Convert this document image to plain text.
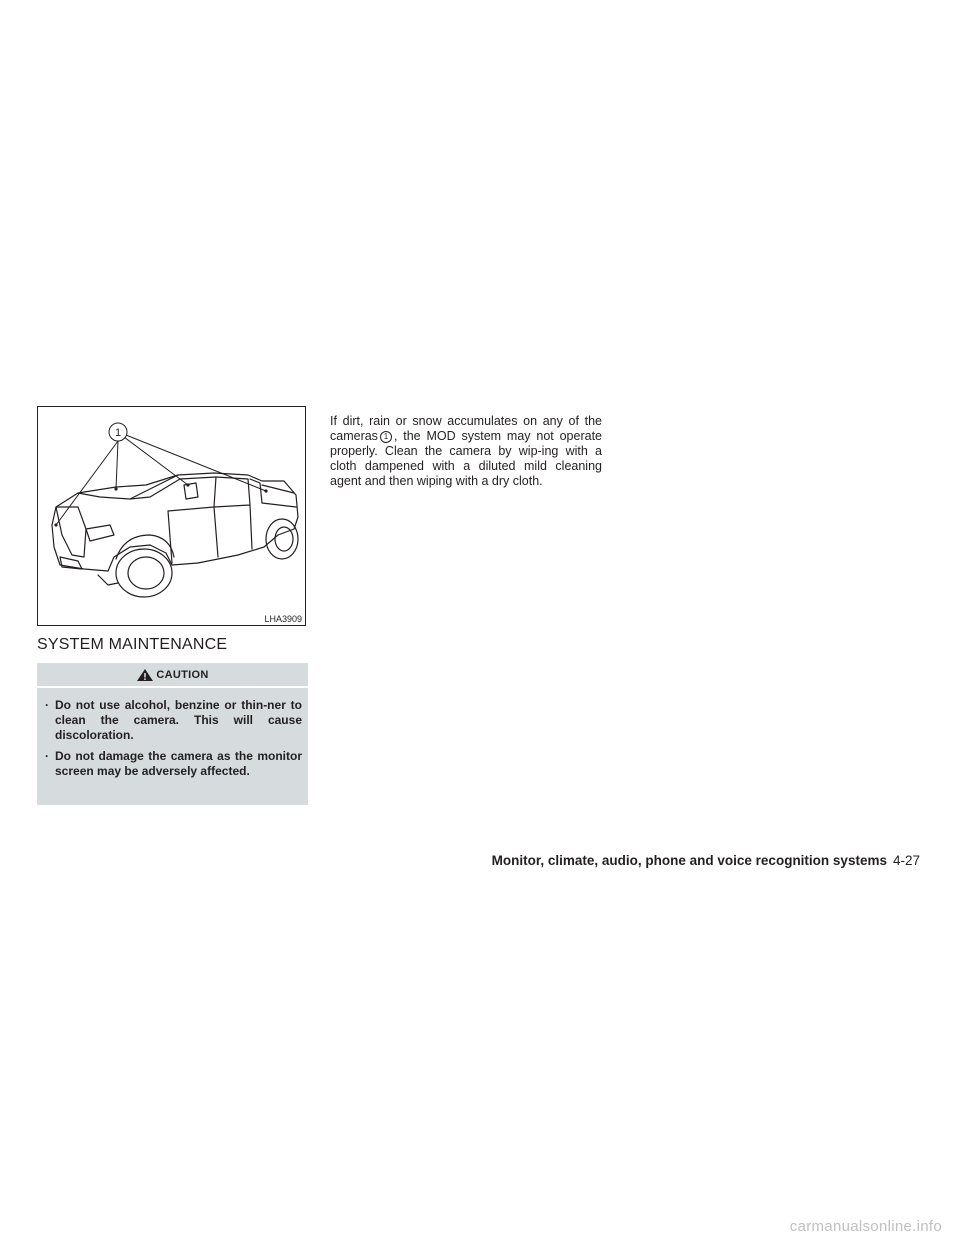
1
LHA3909
SYSTEM MAINTENANCE
CAUTION
· Do not use alcohol, benzine or thin-ner to clean the camera. This will cause discoloration.
· Do not damage the camera as the monitor screen may be adversely affected.

If dirt, rain or snow accumulates on any of the cameras 1 , the MOD system may not operate properly. Clean the camera by wip-ing with a cloth dampened with a diluted mild cleaning agent and then wiping with a dry cloth.

Monitor, climate, audio, phone and voice recognition systems 4-27
carmanualsonline.info
